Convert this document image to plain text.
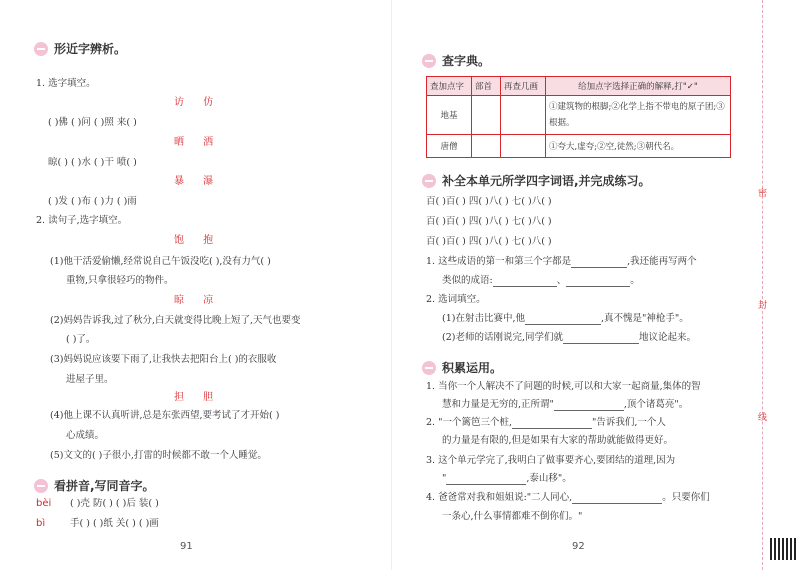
形近字辨析。
1. 选字填空。
访 仿
( )佛 ( )问 ( )照 来( )
晒 洒
晾( ) ( )水 ( )干 喷( )
暴 瀑
( )发 ( )布 ( )力 ( )雨
2. 读句子,选字填空。
饱 抱
(1)他干活爱偷懒,经常说自己午饭没吃( ),没有力气( )
重物,只拿很轻巧的物件。
晾 凉
(2)妈妈告诉我,过了秋分,白天就变得比晚上短了,天气也要变
( )了。
(3)妈妈说应该要下雨了,让我快去把阳台上( )的衣服收
进屋子里。
担 胆
(4)他上课不认真听讲,总是东张西望,要考试了才开始( )
心成绩。
(5)文文的( )子很小,打雷的时候都不敢一个人睡觉。
看拼音,写同音字。
bèi ( )壳 防( ) ( )后 装( )
bì	手( ) ( )纸 关( ) ( )画
91
查字典。
查加点字	部首	再查几画	给加点字选择正确的解释,打"✓"
地基			①建筑物的根脚;②化学上指不带电的原子团;③根据。
唐僧			①夸大,虚夸;②空,徒然;③朝代名。
补全本单元所学四字词语,并完成练习。
百( )百( ) 四( )八( ) 七( )八( )
百( )百( ) 四( )八( ) 七( )八( )
百( )百( ) 四( )八( ) 七( )八( )
1. 这些成语的第一和第三个字都是	,我还能再写两个
类似的成语:	、	。
2. 选词填空。
(1)在射击比赛中,他	,真不愧是"神枪手"。
(2)老师的话刚说完,同学们就	地议论起来。
积累运用。
1. 当你一个人解决不了问题的时候,可以和大家一起商量,集体的智
慧和力量是无穷的,正所谓"	,顶个诸葛亮"。
2. "一个篱笆三个桩,	"告诉我们,一个人
的力量是有限的,但是如果有大家的帮助就能做得更好。
3. 这个单元学完了,我明白了做事要齐心,要团结的道理,因为
"	,泰山移"。
4. 爸爸常对我和姐姐说:"二人同心,	。只要你们
一条心,什么事情都难不倒你们。"
92
密
封
线
